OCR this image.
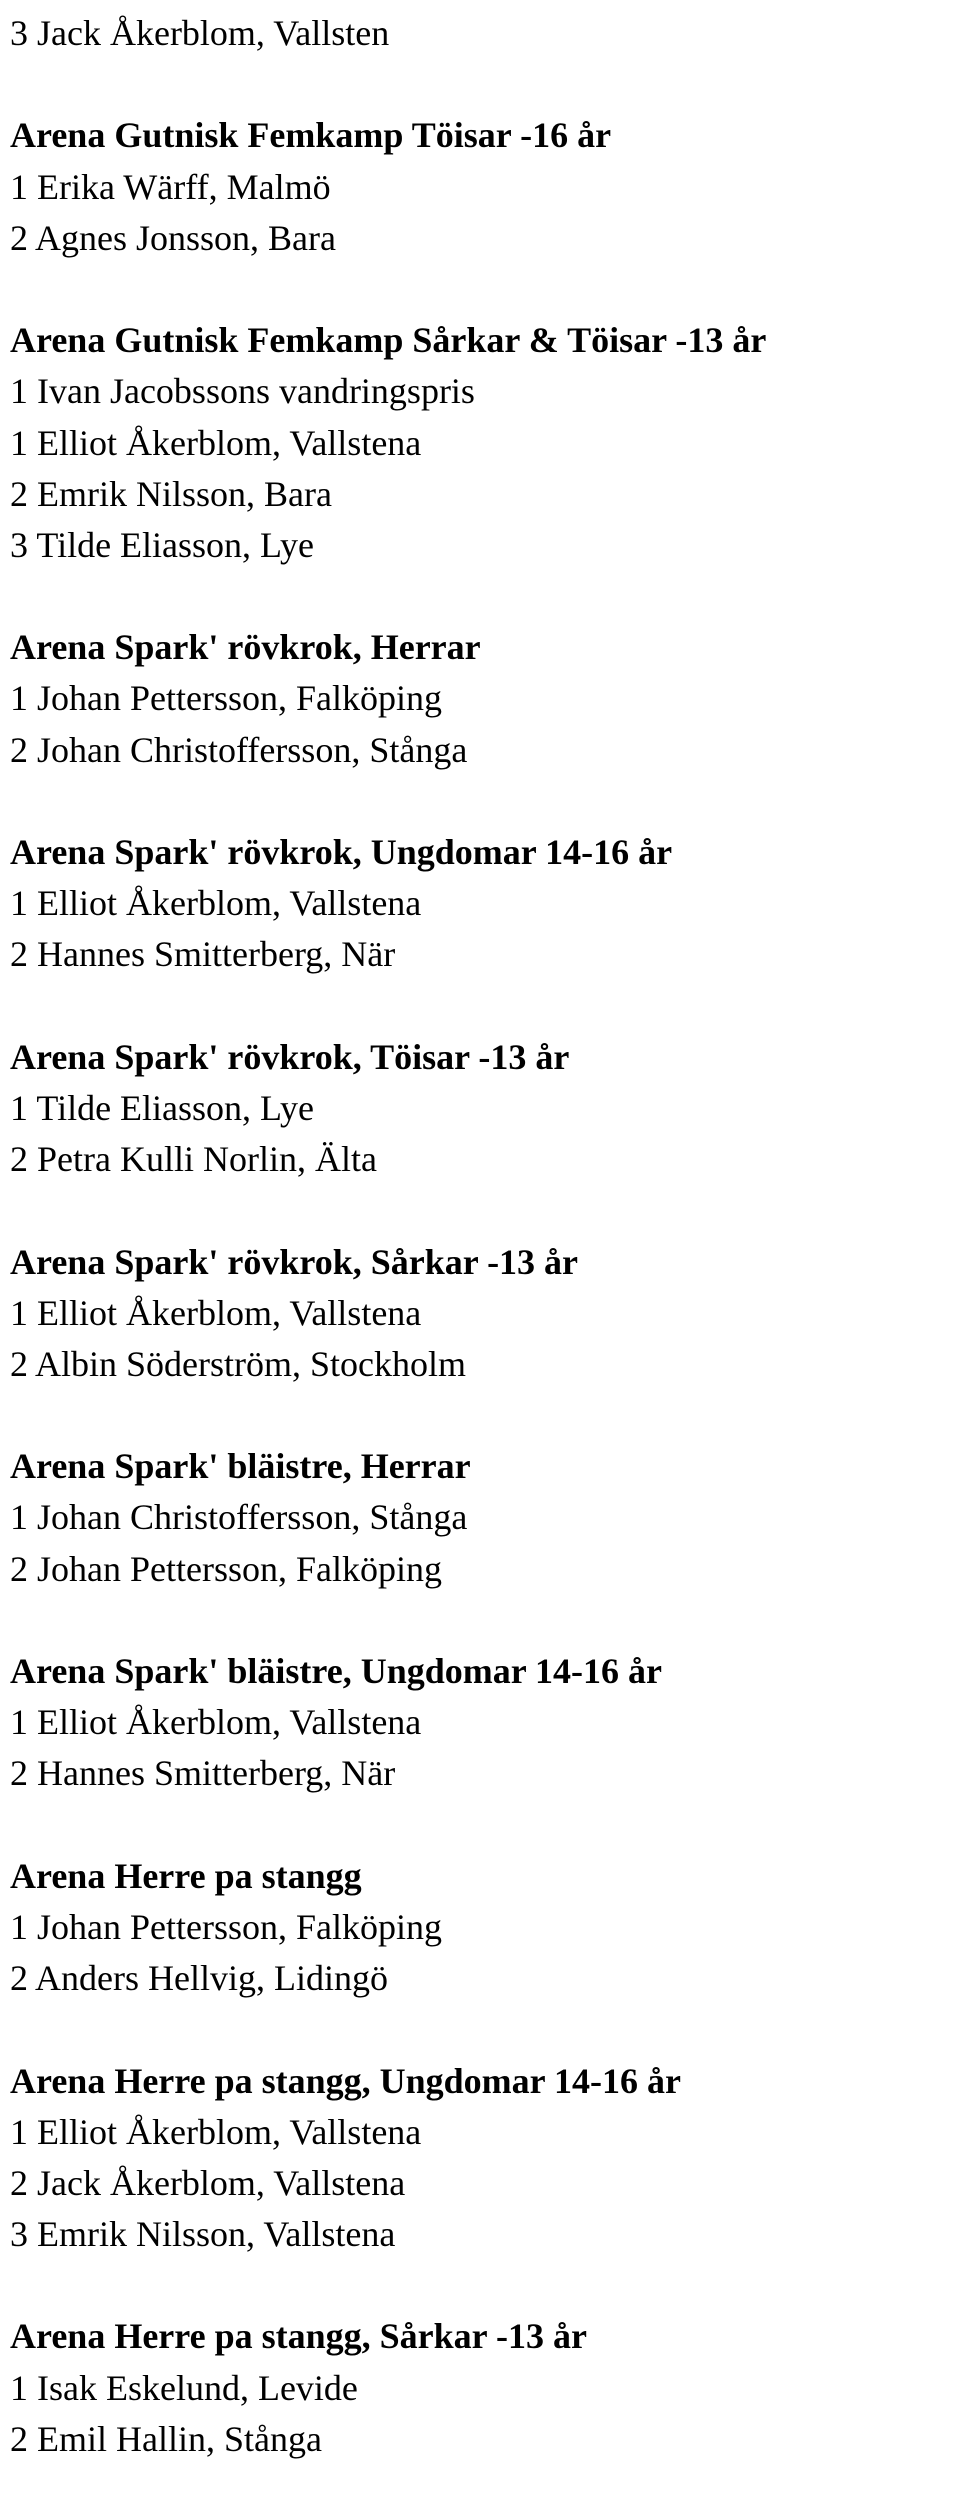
3 Jack Åkerblom, Vallsten

Arena Gutnisk Femkamp Töisar -16 år

1 Erika Wärff, Malmö

2 Agnes Jonsson, Bara

Arena Gutnisk Femkamp Sårkar & Töisar -13 år

1 Ivan Jacobssons vandringspris

1 Elliot Åkerblom, Vallstena

2 Emrik Nilsson, Bara

3 Tilde Eliasson, Lye

Arena Spark' rövkrok, Herrar

1 Johan Pettersson, Falköping

2 Johan Christoffersson, Stånga

Arena Spark' rövkrok, Ungdomar 14-16 år

1 Elliot Åkerblom, Vallstena

2 Hannes Smitterberg, När

Arena Spark' rövkrok, Töisar -13 år

1 Tilde Eliasson, Lye

2 Petra Kulli Norlin, Älta

Arena Spark' rövkrok, Sårkar -13 år

1 Elliot Åkerblom, Vallstena

2 Albin Söderström, Stockholm

Arena Spark' bläistre, Herrar

1 Johan Christoffersson, Stånga

2 Johan Pettersson, Falköping

Arena Spark' bläistre, Ungdomar 14-16 år

1 Elliot Åkerblom, Vallstena

2 Hannes Smitterberg, När

Arena Herre pa stangg

1 Johan Pettersson, Falköping

2 Anders Hellvig, Lidingö

Arena Herre pa stangg, Ungdomar 14-16 år

1 Elliot Åkerblom, Vallstena

2 Jack Åkerblom, Vallstena

3 Emrik Nilsson, Vallstena

Arena Herre pa stangg, Sårkar -13 år

1 Isak Eskelund, Levide

2 Emil Hallin, Stånga
